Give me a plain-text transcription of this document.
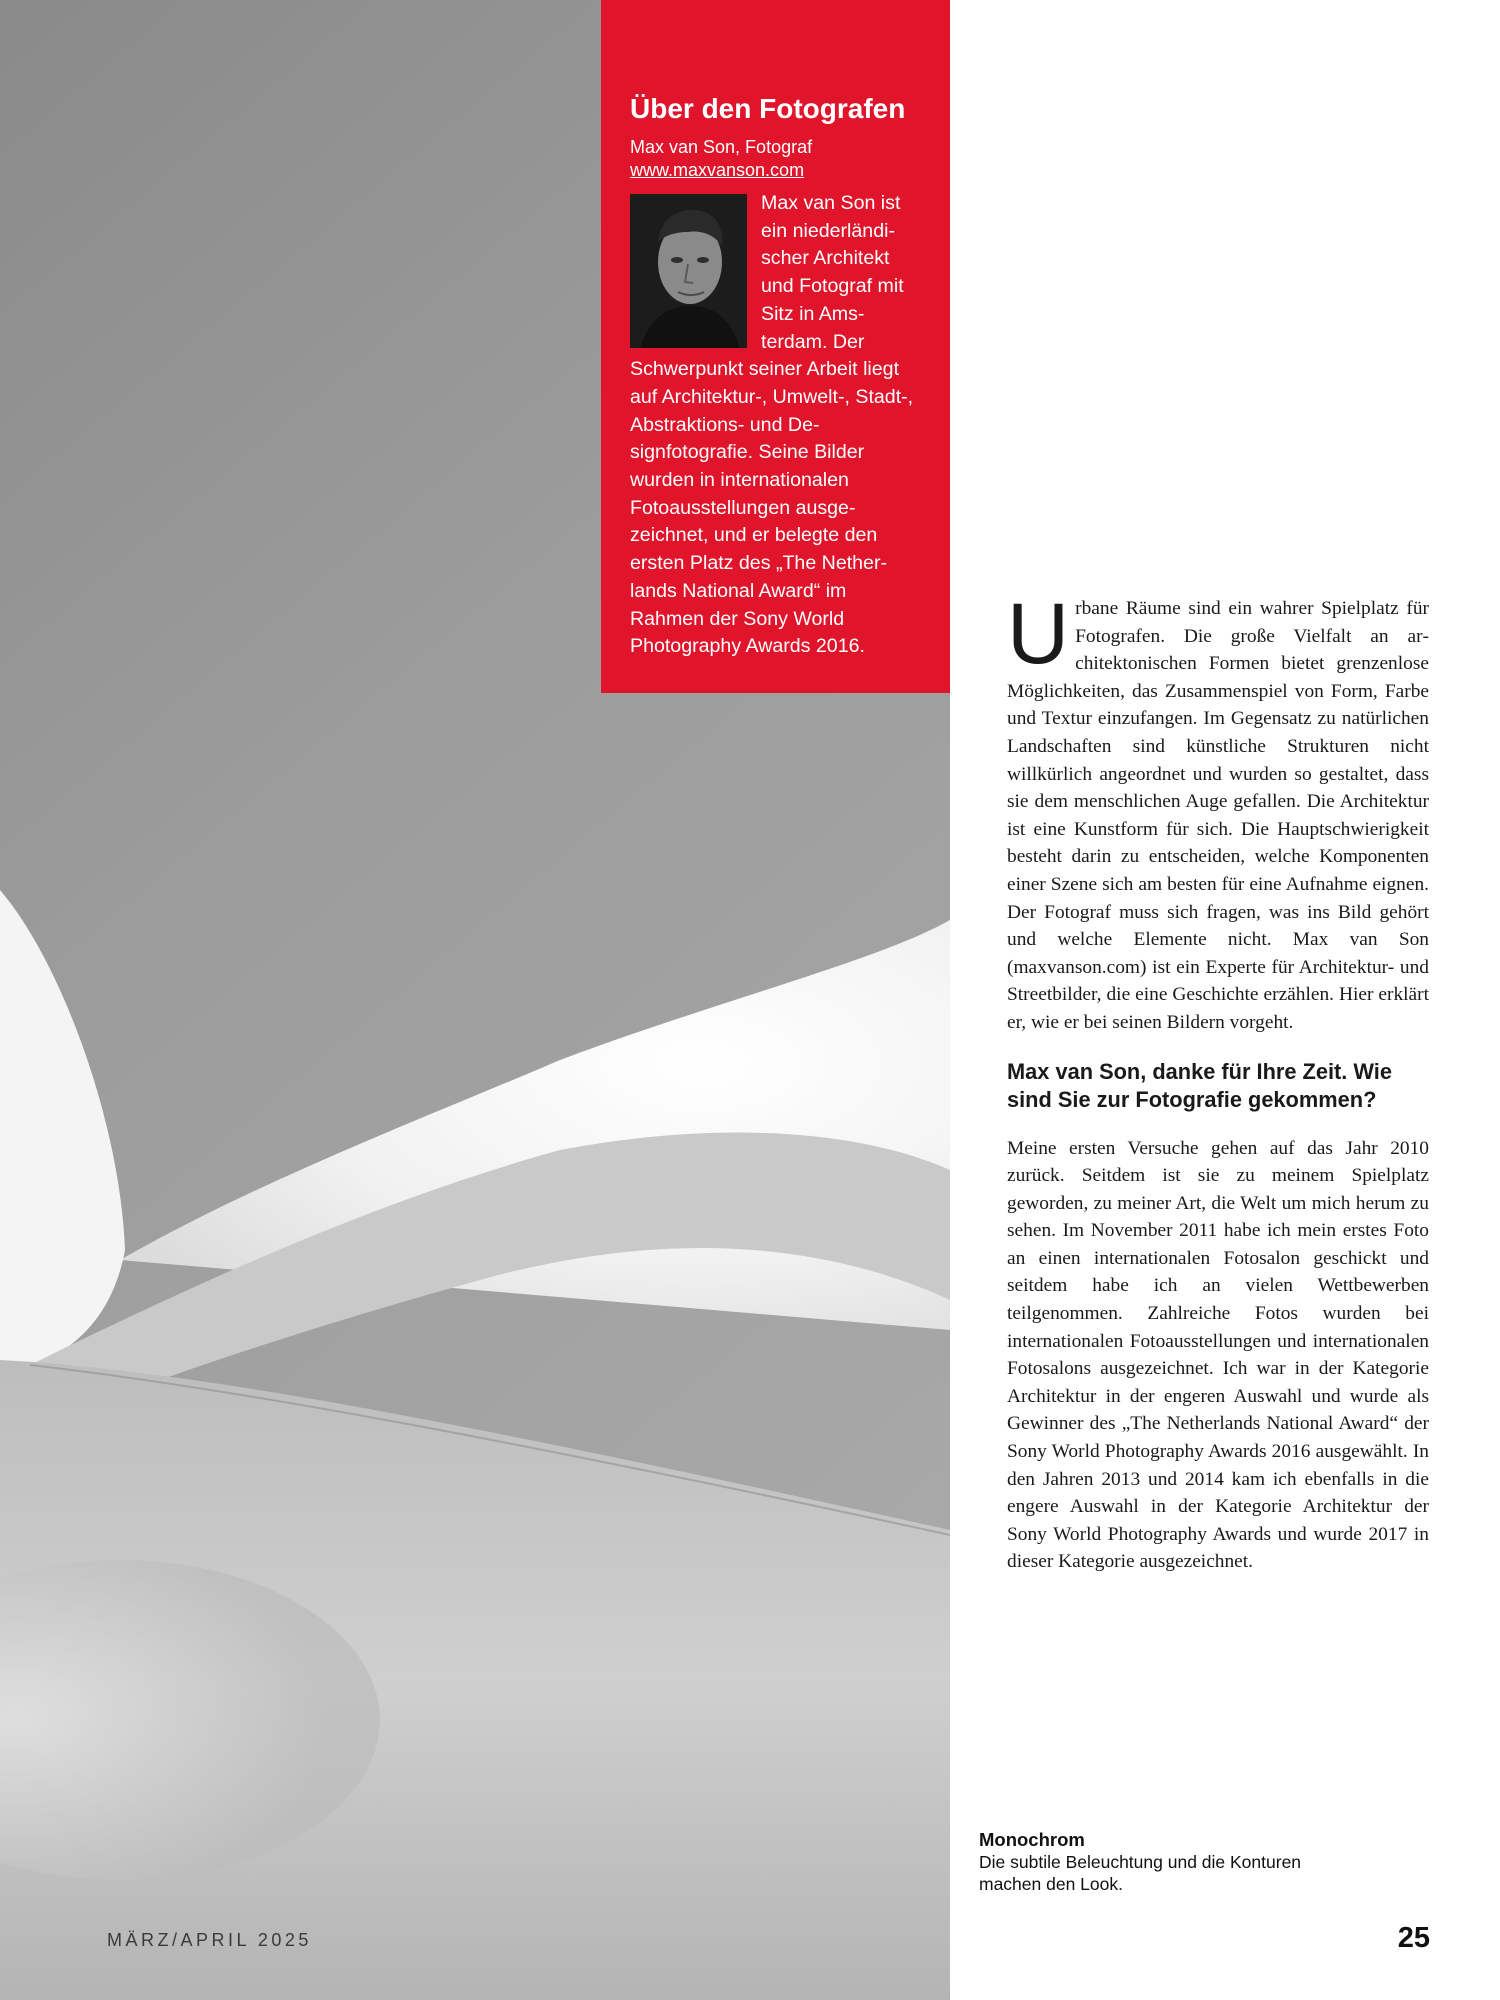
Über den Fotografen
Max van Son, Fotograf
www.maxvanson.com
Max van Son ist ein niederländischer Architekt und Fotograf mit Sitz in Amsterdam. Der Schwerpunkt seiner Arbeit liegt auf Architektur-, Umwelt-, Stadt-, Abstraktions- und Designfotografie. Seine Bilder wurden in internationalen Fotoausstellungen ausgezeichnet, und er belegte den ersten Platz des „The Netherlands National Award“ im Rahmen der Sony World Photography Awards 2016.	Urbane Räume sind ein wahrer Spielplatz für Fotografen. Die große Vielfalt an architektonischen Formen bietet grenzenlose Möglichkeiten, das Zusammenspiel von Form, Farbe und Textur einzufangen. Im Gegensatz zu natürlichen Landschaften sind künstliche Strukturen nicht willkürlich angeordnet und wurden so gestaltet, dass sie dem menschlichen Auge gefallen. Die Architektur ist eine Kunstform für sich. Die Hauptschwierigkeit besteht darin zu entscheiden, welche Komponenten einer Szene sich am besten für eine Aufnahme eignen. Der Fotograf muss sich fragen, was ins Bild gehört und welche Elemente nicht. Max van Son (maxvanson.com) ist ein Experte für Architektur- und Streetbilder, die eine Geschichte erzählen. Hier erklärt er, wie er bei seinen Bildern vorgeht.

Max van Son, danke für Ihre Zeit. Wie sind Sie zur Fotografie gekommen?

Meine ersten Versuche gehen auf das Jahr 2010 zurück. Seitdem ist sie zu meinem Spielplatz geworden, zu meiner Art, die Welt um mich herum zu sehen. Im November 2011 habe ich mein erstes Foto an einen internationalen Fotosalon geschickt und seitdem habe ich an vielen Wettbewerben teilgenommen. Zahlreiche Fotos wurden bei internationalen Fotoausstellungen und internationalen Fotosalons ausgezeichnet. Ich war in der Kategorie Architektur in der engeren Auswahl und wurde als Gewinner des „The Netherlands National Award“ der Sony World Photography Awards 2016 ausgewählt. In den Jahren 2013 und 2014 kam ich ebenfalls in die engere Auswahl in der Kategorie Architektur der Sony World Photography Awards und wurde 2017 in dieser Kategorie ausgezeichnet.

Monochrom
Die subtile Beleuchtung und die Konturen machen den Look.
MÄRZ/APRIL 2025	25
